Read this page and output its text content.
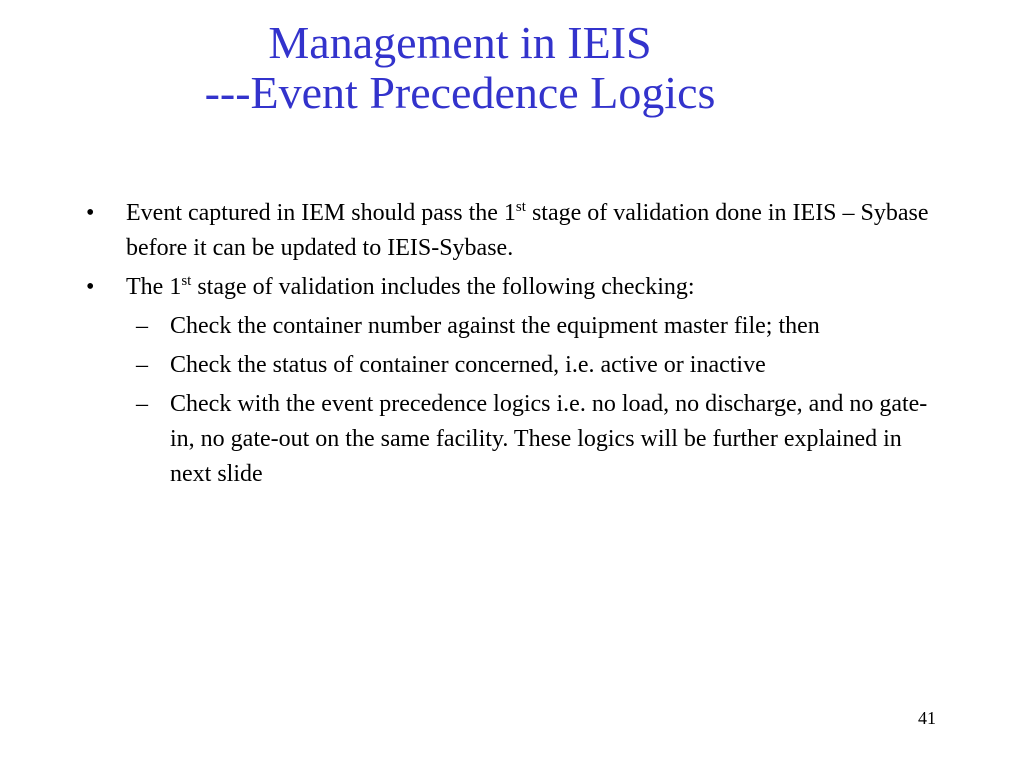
Management in IEIS
---Event Precedence Logics
•	Event captured in IEM should pass the 1st stage of validation done in IEIS – Sybase before it can be updated to IEIS-Sybase.
•	The 1st stage of validation includes the following checking:
– Check the container number against the equipment master file; then
– Check the status of container concerned, i.e. active or inactive
– Check with the event precedence logics i.e. no load, no discharge, and no gate-in, no gate-out on the same facility. These logics will be further explained in next slide
41
